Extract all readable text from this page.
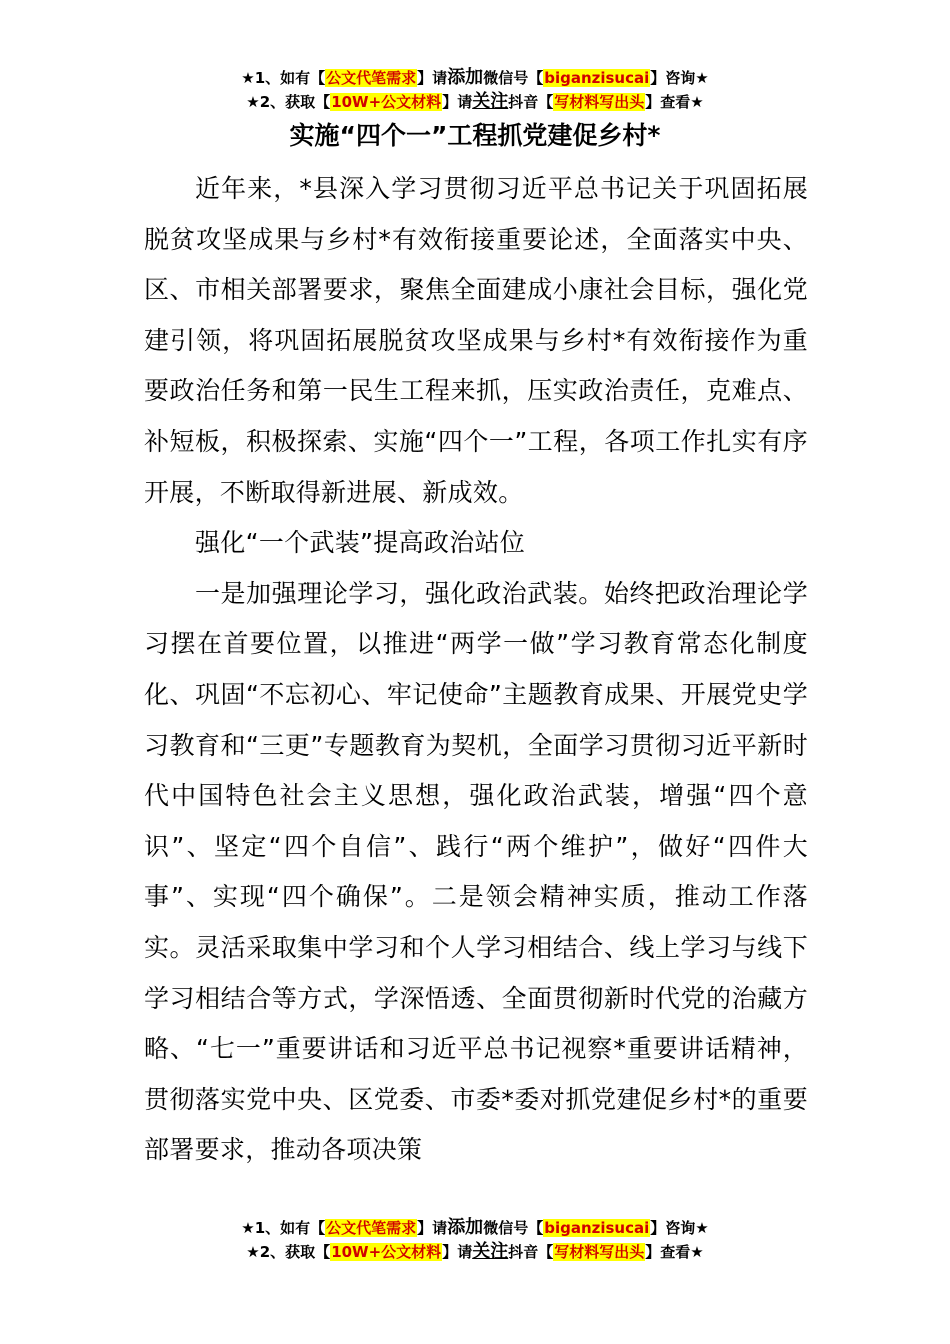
★1、如有【公文代笔需求】请添加微信号【biganzisucai】咨询★
★2、获取【10W+公文材料】请关注抖音【写材料写出头】查看★
实施“四个一”工程抓党建促乡村*

近年来，*县深入学习贯彻习近平总书记关于巩固拓展脱贫攻坚成果与乡村*有效衔接重要论述，全面落实中央、区、市相关部署要求，聚焦全面建成小康社会目标，强化党建引领，将巩固拓展脱贫攻坚成果与乡村*有效衔接作为重要政治任务和第一民生工程来抓，压实政治责任，克难点、补短板，积极探索、实施“四个一”工程，各项工作扎实有序开展，不断取得新进展、新成效。

强化“一个武装”提高政治站位

一是加强理论学习，强化政治武装。始终把政治理论学习摆在首要位置，以推进“两学一做”学习教育常态化制度化、巩固“不忘初心、牢记使命”主题教育成果、开展党史学习教育和“三更”专题教育为契机，全面学习贯彻习近平新时代中国特色社会主义思想，强化政治武装，增强“四个意识”、坚定“四个自信”、践行“两个维护”，做好“四件大事”、实现“四个确保”。二是领会精神实质，推动工作落实。灵活采取集中学习和个人学习相结合、线上学习与线下学习相结合等方式，学深悟透、全面贯彻新时代党的治藏方略、“七一”重要讲话和习近平总书记视察*重要讲话精神，贯彻落实党中央、区党委、市委*委对抓党建促乡村*的重要部署要求，推动各项决策

★1、如有【公文代笔需求】请添加微信号【biganzisucai】咨询★
★2、获取【10W+公文材料】请关注抖音【写材料写出头】查看★
